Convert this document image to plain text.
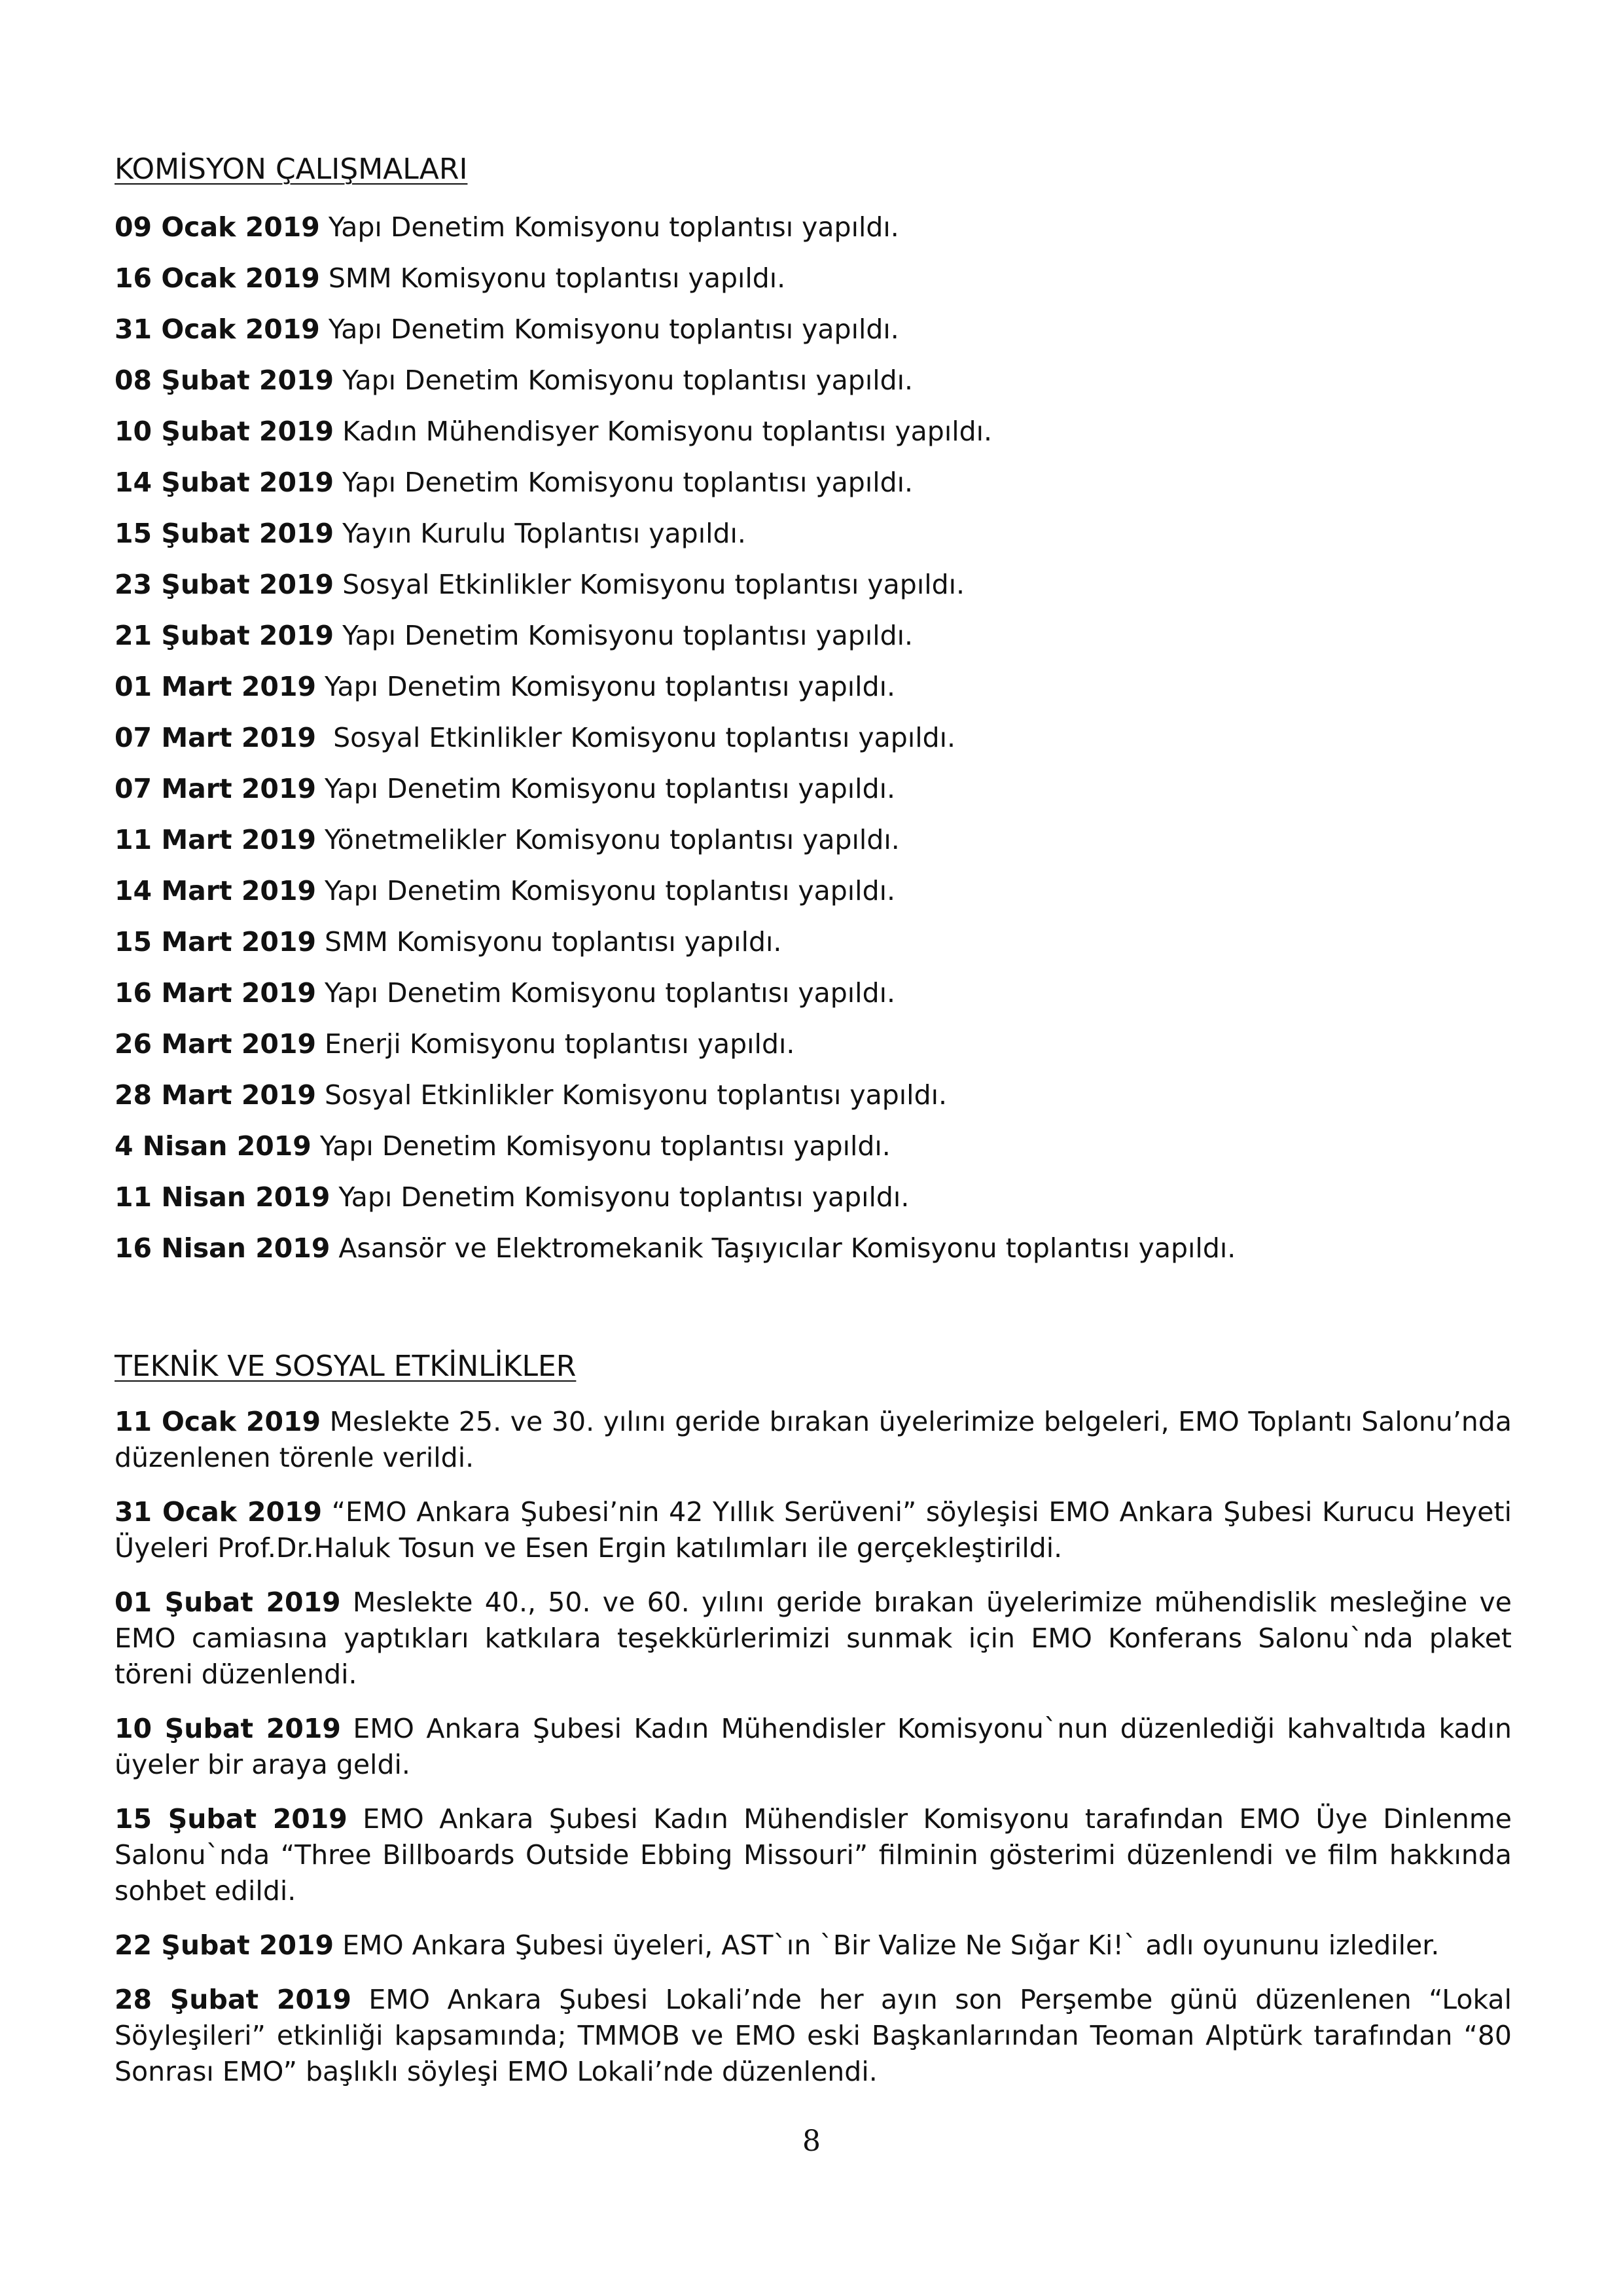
KOMİSYON ÇALIŞMALARI
09 Ocak 2019 Yapı Denetim Komisyonu toplantısı yapıldı.
16 Ocak 2019 SMM Komisyonu toplantısı yapıldı.
31 Ocak 2019 Yapı Denetim Komisyonu toplantısı yapıldı.
08 Şubat 2019 Yapı Denetim Komisyonu toplantısı yapıldı.
10 Şubat 2019 Kadın Mühendisyer Komisyonu toplantısı yapıldı.
14 Şubat 2019 Yapı Denetim Komisyonu toplantısı yapıldı.
15 Şubat 2019 Yayın Kurulu Toplantısı yapıldı.
23 Şubat 2019 Sosyal Etkinlikler Komisyonu toplantısı yapıldı.
21 Şubat 2019 Yapı Denetim Komisyonu toplantısı yapıldı.
01 Mart 2019 Yapı Denetim Komisyonu toplantısı yapıldı.
07 Mart 2019  Sosyal Etkinlikler Komisyonu toplantısı yapıldı.
07 Mart 2019 Yapı Denetim Komisyonu toplantısı yapıldı.
11 Mart 2019 Yönetmelikler Komisyonu toplantısı yapıldı.
14 Mart 2019 Yapı Denetim Komisyonu toplantısı yapıldı.
15 Mart 2019 SMM Komisyonu toplantısı yapıldı.
16 Mart 2019 Yapı Denetim Komisyonu toplantısı yapıldı.
26 Mart 2019 Enerji Komisyonu toplantısı yapıldı.
28 Mart 2019 Sosyal Etkinlikler Komisyonu toplantısı yapıldı.
4 Nisan 2019 Yapı Denetim Komisyonu toplantısı yapıldı.
11 Nisan 2019 Yapı Denetim Komisyonu toplantısı yapıldı.
16 Nisan 2019 Asansör ve Elektromekanik Taşıyıcılar Komisyonu toplantısı yapıldı.
TEKNİK VE SOSYAL ETKİNLİKLER

11 Ocak 2019 Meslekte 25. ve 30. yılını geride bırakan üyelerimize belgeleri, EMO Toplantı Salonu’nda düzenlenen törenle verildi.

31 Ocak 2019 “EMO Ankara Şubesi’nin 42 Yıllık Serüveni” söyleşisi EMO Ankara Şubesi Kurucu Heyeti Üyeleri Prof.Dr.Haluk Tosun ve Esen Ergin katılımları ile gerçekleştirildi.

01 Şubat 2019 Meslekte 40., 50. ve 60. yılını geride bırakan üyelerimize mühendislik mesleğine ve EMO camiasına yaptıkları katkılara teşekkürlerimizi sunmak için EMO Konferans Salonu`nda plaket töreni düzenlendi.

10 Şubat 2019 EMO Ankara Şubesi Kadın Mühendisler Komisyonu`nun düzenlediği kahvaltıda kadın üyeler bir araya geldi.

15 Şubat 2019 EMO Ankara Şubesi Kadın Mühendisler Komisyonu tarafından EMO Üye Dinlenme Salonu`nda “Three Billboards Outside Ebbing Missouri” filminin gösterimi düzenlendi ve film hakkında sohbet edildi.

22 Şubat 2019 EMO Ankara Şubesi üyeleri, AST`ın `Bir Valize Ne Sığar Ki!` adlı oyununu izlediler.

28 Şubat 2019 EMO Ankara Şubesi Lokali’nde her ayın son Perşembe günü düzenlenen “Lokal Söyleşileri” etkinliği kapsamında; TMMOB ve EMO eski Başkanlarından Teoman Alptürk tarafından “80 Sonrası EMO” başlıklı söyleşi EMO Lokali’nde düzenlendi.

8
